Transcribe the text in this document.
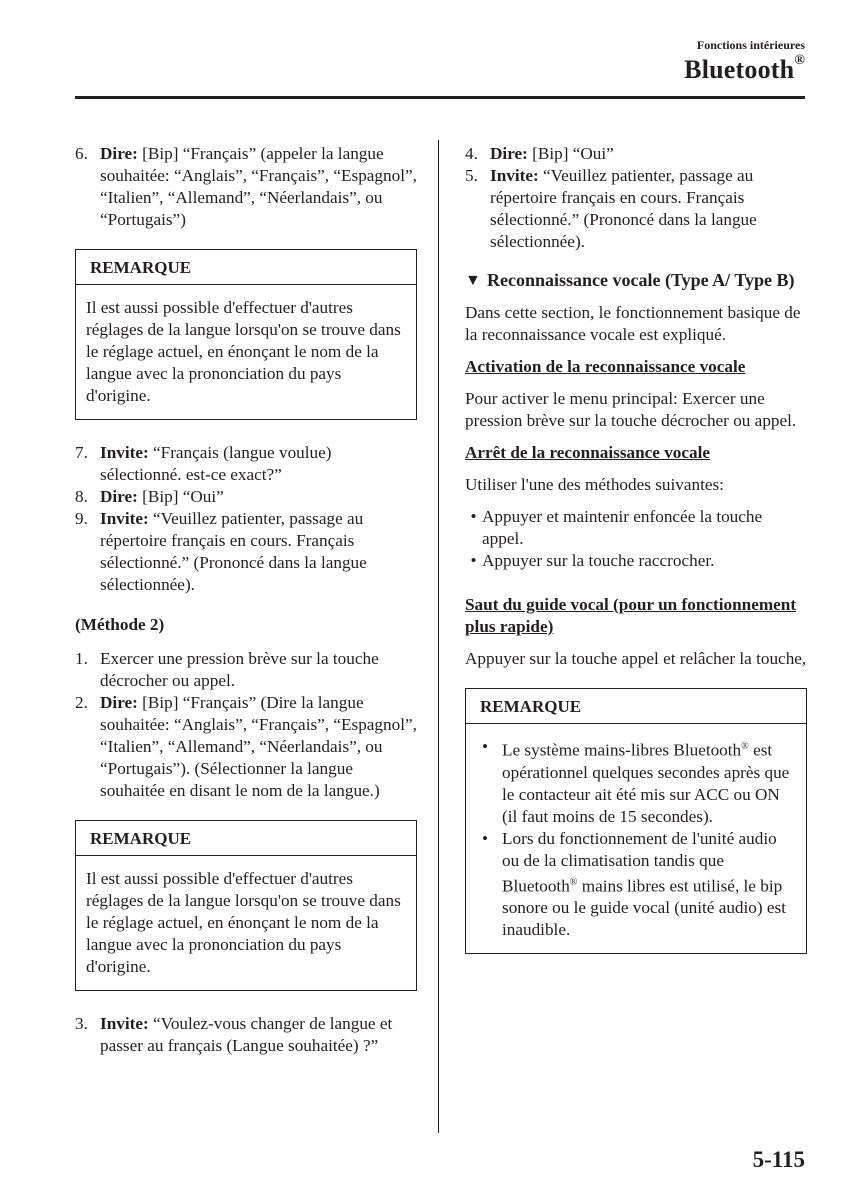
Fonctions intérieures
Bluetooth®
6. Dire: [Bip] “Français” (appeler la langue souhaitée: “Anglais”, “Français”, “Espagnol”, “Italien”, “Allemand”, “Néerlandais”, ou “Portugais”)
REMARQUE
Il est aussi possible d'effectuer d'autres réglages de la langue lorsqu'on se trouve dans le réglage actuel, en énonçant le nom de la langue avec la prononciation du pays d'origine.
7. Invite: “Français (langue voulue) sélectionné. est-ce exact?”
8. Dire: [Bip] “Oui”
9. Invite: “Veuillez patienter, passage au répertoire français en cours. Français sélectionné.” (Prononcé dans la langue sélectionnée).
(Méthode 2)
1. Exercer une pression brève sur la touche décrocher ou appel.
2. Dire: [Bip] “Français” (Dire la langue souhaitée: “Anglais”, “Français”, “Espagnol”, “Italien”, “Allemand”, “Néerlandais”, ou “Portugais”). (Sélectionner la langue souhaitée en disant le nom de la langue.)
REMARQUE
Il est aussi possible d'effectuer d'autres réglages de la langue lorsqu'on se trouve dans le réglage actuel, en énonçant le nom de la langue avec la prononciation du pays d'origine.
3. Invite: “Voulez-vous changer de langue et passer au français (Langue souhaitée) ?”
4. Dire: [Bip] “Oui”
5. Invite: “Veuillez patienter, passage au répertoire français en cours. Français sélectionné.” (Prononcé dans la langue sélectionnée).
▼ Reconnaissance vocale (Type A/ Type B)
Dans cette section, le fonctionnement basique de la reconnaissance vocale est expliqué.
Activation de la reconnaissance vocale
Pour activer le menu principal: Exercer une pression brève sur la touche décrocher ou appel.
Arrêt de la reconnaissance vocale
Utiliser l'une des méthodes suivantes:
• Appuyer et maintenir enfoncée la touche appel.
• Appuyer sur la touche raccrocher.
Saut du guide vocal (pour un fonctionnement plus rapide)
Appuyer sur la touche appel et relâcher la touche,
REMARQUE
• Le système mains-libres Bluetooth® est opérationnel quelques secondes après que le contacteur ait été mis sur ACC ou ON (il faut moins de 15 secondes).
• Lors du fonctionnement de l'unité audio ou de la climatisation tandis que Bluetooth® mains libres est utilisé, le bip sonore ou le guide vocal (unité audio) est inaudible.
5-115
